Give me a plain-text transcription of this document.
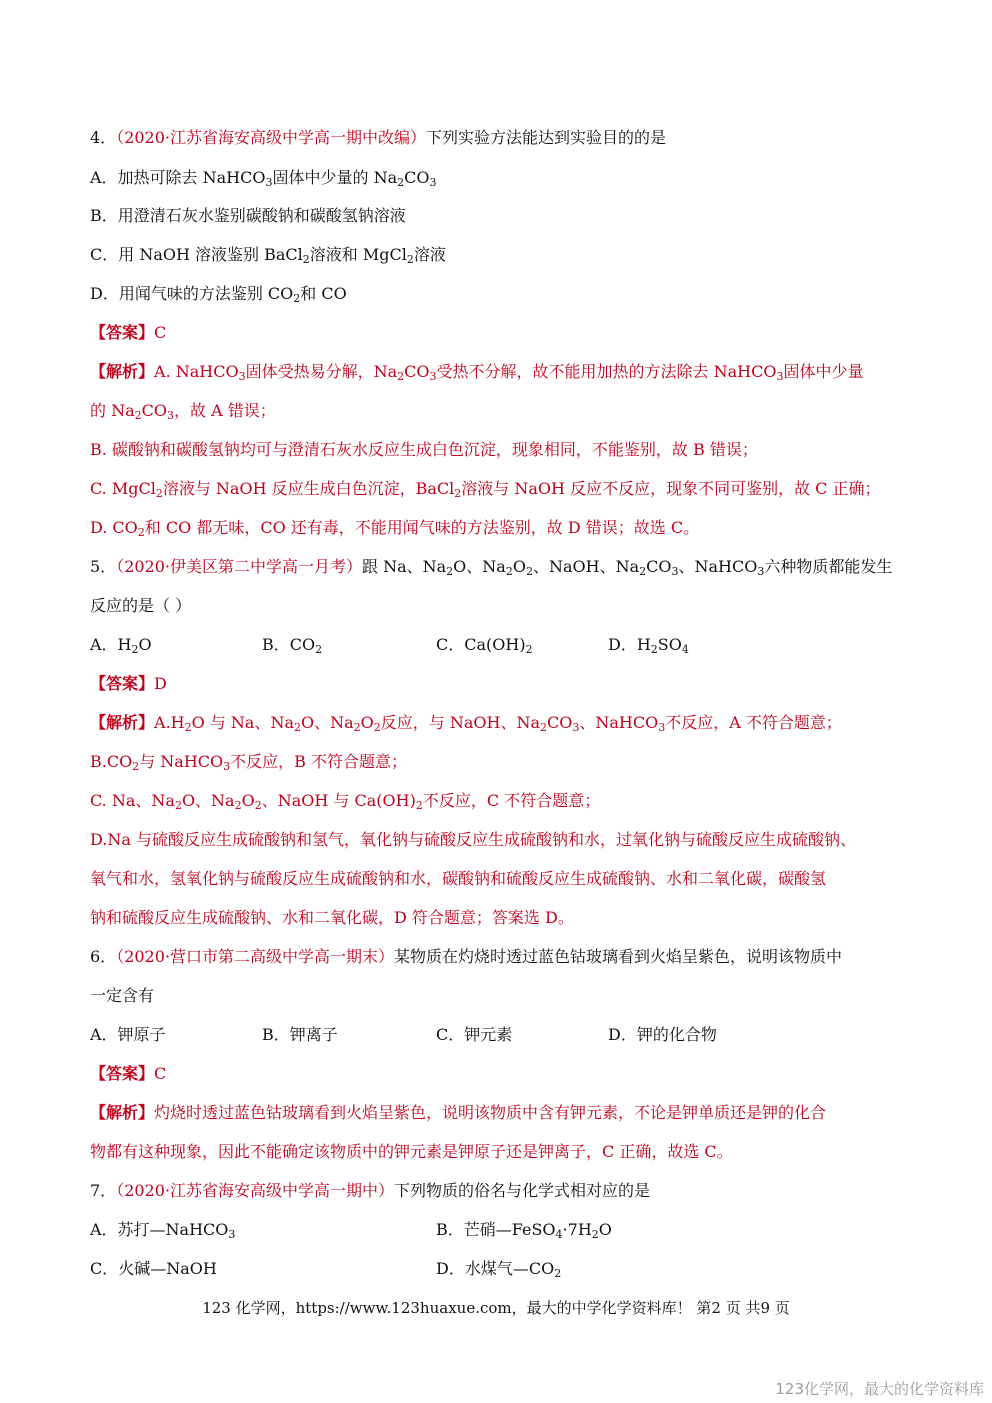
4．（2020·江苏省海安高级中学高一期中改编）下列实验方法能达到实验目的的是
A．加热可除去 NaHCO$_3$固体中少量的 $Na_2CO_3$
B．用澄清石灰水鉴别碳酸钠和碳酸氢钠溶液
C．用 NaOH 溶液鉴别 BaCl$_2$溶液和 MgCl$_2$溶液
D．用闻气味的方法鉴别 $CO_2$和 CO
【答案】C
【解析】A. NaHCO$_3$固体受热易分解，$Na_2CO_3$受热不分解，故不能用加热的方法除去 NaHCO$_3$固体中少量
的 $Na_2CO_3$，故 A 错误；
B. 碳酸钠和碳酸氢钠均可与澄清石灰水反应生成白色沉淀，现象相同，不能鉴别，故 B 错误；
C. MgCl$_2$溶液与 NaOH 反应生成白色沉淀，BaCl$_2$溶液与 NaOH 反应不反应，现象不同可鉴别，故 C 正确；
D. $CO_2$和 CO 都无味，CO 还有毒，不能用闻气味的方法鉴别，故 D 错误；故选 C。
5．（2020·伊美区第二中学高一月考）跟 Na、$Na_2O$、$Na_2O_2$、NaOH、$Na_2CO_3$、NaHCO$_3$六种物质都能发生
反应的是（ ）
A．$H_2O$	B．$CO_2$	C．$Ca(OH)_2$	D．$H_2SO_4$
【答案】D
【解析】$A.H_2O$ 与 Na、$Na_2O$、$Na_2O_2$反应，与 NaOH、$Na_2CO_3$、NaHCO$_3$不反应，A 不符合题意；
$B.CO_2$与 NaHCO$_3$不反应，B 不符合题意；
C. Na、$Na_2O$、$Na_2O_2$、NaOH 与 $Ca(OH)_2$不反应，C 不符合题意；
D.Na 与硫酸反应生成硫酸钠和氢气，氧化钠与硫酸反应生成硫酸钠和水，过氧化钠与硫酸反应生成硫酸钠、
氧气和水，氢氧化钠与硫酸反应生成硫酸钠和水，碳酸钠和硫酸反应生成硫酸钠、水和二氧化碳，碳酸氢
钠和硫酸反应生成硫酸钠、水和二氧化碳，D 符合题意；答案选 D。
6．（2020·营口市第二高级中学高一期末）某物质在灼烧时透过蓝色钴玻璃看到火焰呈紫色，说明该物质中
一定含有
A．钾原子	B．钾离子	C．钾元素	D．钾的化合物
【答案】C
【解析】灼烧时透过蓝色钴玻璃看到火焰呈紫色，说明该物质中含有钾元素，不论是钾单质还是钾的化合
物都有这种现象，因此不能确定该物质中的钾元素是钾原子还是钾离子，C 正确，故选 C。
7．（2020·江苏省海安高级中学高一期中）下列物质的俗名与化学式相对应的是
A．苏打—NaHCO$_3$	B．芒硝$—FeSO_4\cdot 7H_2O$
C．火碱—NaOH	D．水煤气$—CO_2$
123 化学网，https://www.123huaxue.com，最大的中学化学资料库！ 第2 页 共9 页
123化学网，最大的化学资料库
